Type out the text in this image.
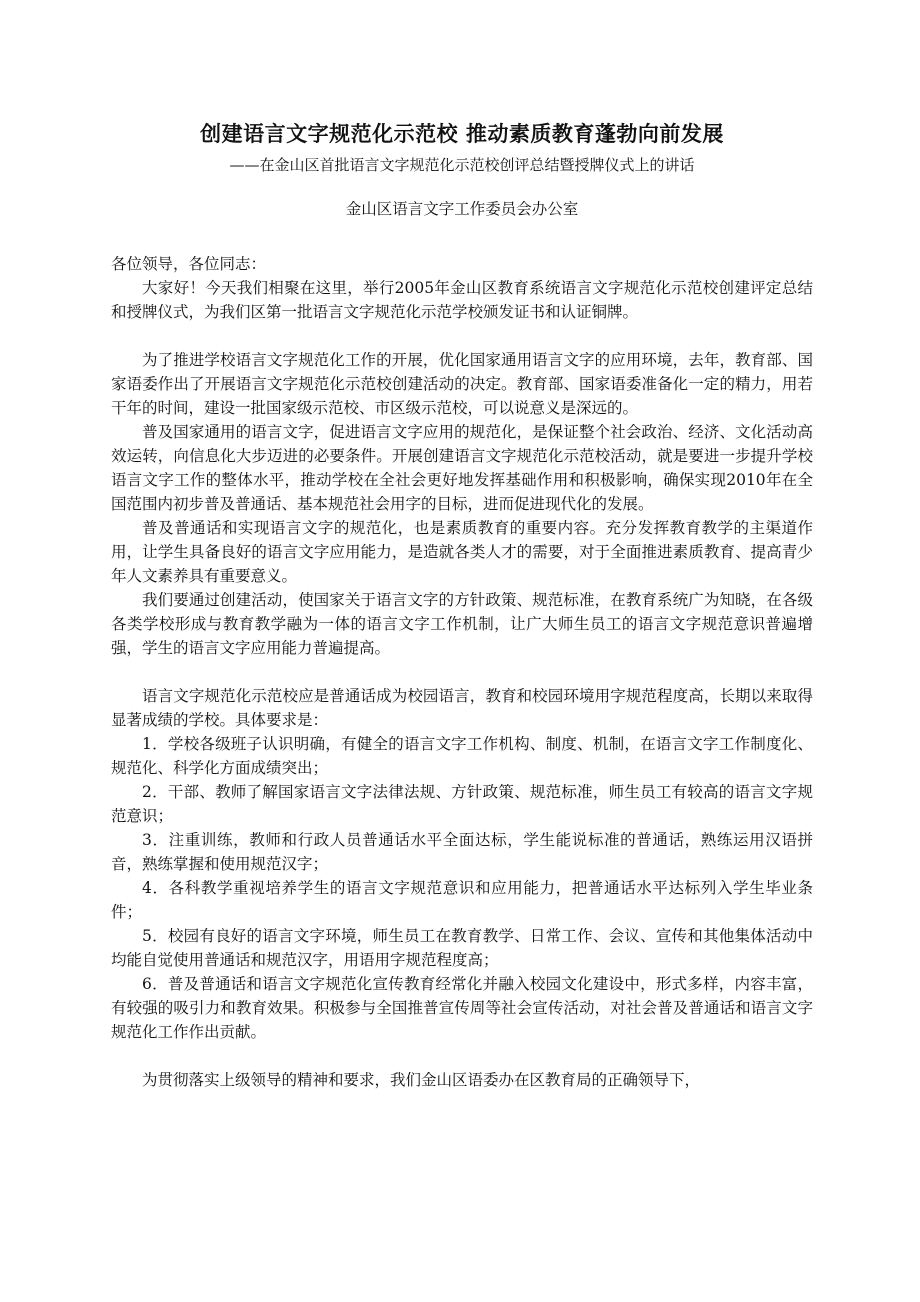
创建语言文字规范化示范校 推动素质教育蓬勃向前发展

——在金山区首批语言文字规范化示范校创评总结暨授牌仪式上的讲话

金山区语言文字工作委员会办公室

各位领导，各位同志：

大家好！今天我们相聚在这里，举行2005年金山区教育系统语言文字规范化示范校创建评定总结和授牌仪式，为我们区第一批语言文字规范化示范学校颁发证书和认证铜牌。

为了推进学校语言文字规范化工作的开展，优化国家通用语言文字的应用环境，去年，教育部、国家语委作出了开展语言文字规范化示范校创建活动的决定。教育部、国家语委准备化一定的精力，用若干年的时间，建设一批国家级示范校、市区级示范校，可以说意义是深远的。

普及国家通用的语言文字，促进语言文字应用的规范化，是保证整个社会政治、经济、文化活动高效运转，向信息化大步迈进的必要条件。开展创建语言文字规范化示范校活动，就是要进一步提升学校语言文字工作的整体水平，推动学校在全社会更好地发挥基础作用和积极影响，确保实现2010年在全国范围内初步普及普通话、基本规范社会用字的目标，进而促进现代化的发展。

普及普通话和实现语言文字的规范化，也是素质教育的重要内容。充分发挥教育教学的主渠道作用，让学生具备良好的语言文字应用能力，是造就各类人才的需要，对于全面推进素质教育、提高青少年人文素养具有重要意义。

我们要通过创建活动，使国家关于语言文字的方针政策、规范标准，在教育系统广为知晓，在各级各类学校形成与教育教学融为一体的语言文字工作机制，让广大师生员工的语言文字规范意识普遍增强，学生的语言文字应用能力普遍提高。

语言文字规范化示范校应是普通话成为校园语言，教育和校园环境用字规范程度高，长期以来取得显著成绩的学校。具体要求是：

1．学校各级班子认识明确，有健全的语言文字工作机构、制度、机制，在语言文字工作制度化、规范化、科学化方面成绩突出；

2．干部、教师了解国家语言文字法律法规、方针政策、规范标准，师生员工有较高的语言文字规范意识；

3．注重训练，教师和行政人员普通话水平全面达标，学生能说标准的普通话，熟练运用汉语拼音，熟练掌握和使用规范汉字；

4．各科教学重视培养学生的语言文字规范意识和应用能力，把普通话水平达标列入学生毕业条件；

5．校园有良好的语言文字环境，师生员工在教育教学、日常工作、会议、宣传和其他集体活动中均能自觉使用普通话和规范汉字，用语用字规范程度高；

6．普及普通话和语言文字规范化宣传教育经常化并融入校园文化建设中，形式多样，内容丰富，有较强的吸引力和教育效果。积极参与全国推普宣传周等社会宣传活动，对社会普及普通话和语言文字规范化工作作出贡献。

为贯彻落实上级领导的精神和要求，我们金山区语委办在区教育局的正确领导下，
